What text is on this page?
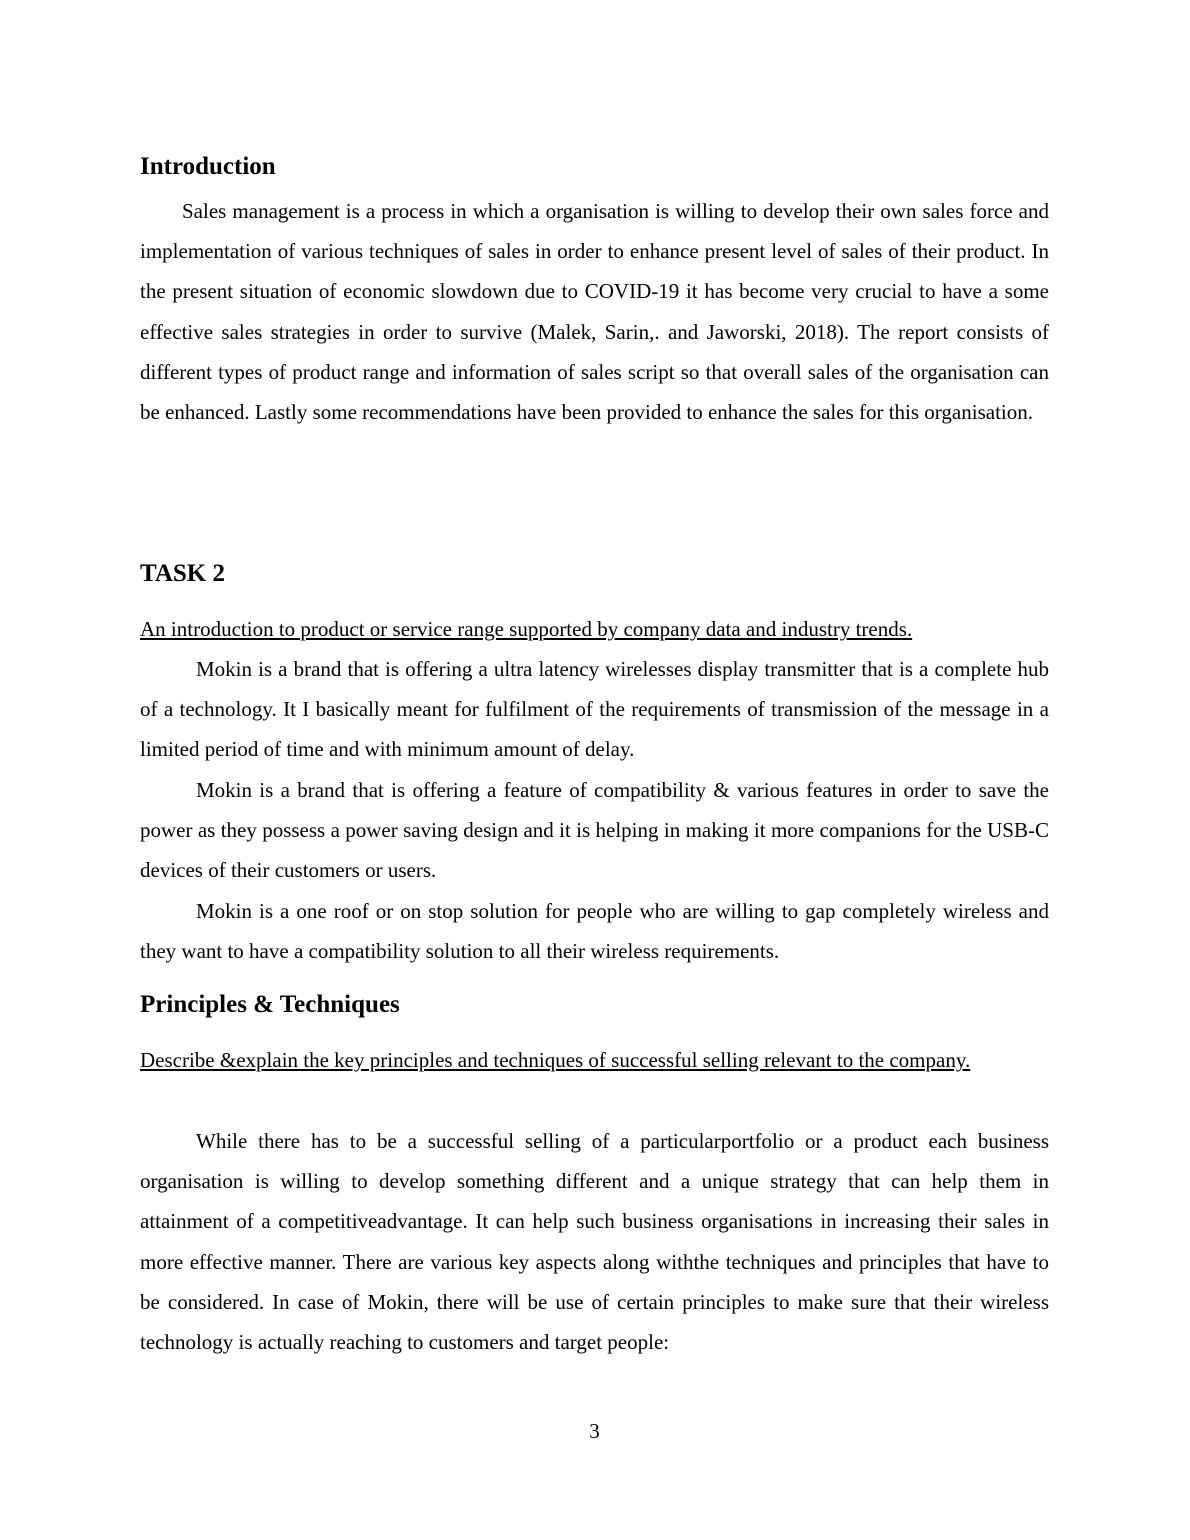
Introduction

Sales management is a process in which a organisation is willing to develop their own sales force and implementation of various techniques of sales in order to enhance present level of sales of their product. In the present situation of economic slowdown due to COVID-19 it has become very crucial to have a some effective sales strategies in order to survive (Malek, Sarin,. and Jaworski, 2018). The report consists of different types of product range and information of sales script so that overall sales of the organisation can be enhanced. Lastly some recommendations have been provided to enhance the sales for this organisation.

TASK 2

An introduction to product or service range supported by company data and industry trends.

Mokin is a brand that is offering a ultra latency wirelesses display transmitter that is a complete hub of a technology. It I basically meant for fulfilment of the requirements of transmission of the message in a limited period of time and with minimum amount of delay.

Mokin is a brand that is offering a feature of compatibility & various features in order to save the power as they possess a power saving design and it is helping in making it more companions for the USB-C devices of their customers or users.

Mokin is a one roof or on stop solution for people who are willing to gap completely wireless and they want to have a compatibility solution to all their wireless requirements.

Principles & Techniques

Describe &explain the key principles and techniques of successful selling relevant to the company.

While there has to be a successful selling of a particularportfolio or a product each business organisation is willing to develop something different and a unique strategy that can help them in attainment of a competitiveadvantage. It can help such business organisations in increasing their sales in more effective manner. There are various key aspects along withthe techniques and principles that have to be considered. In case of Mokin, there will be use of certain principles to make sure that their wireless technology is actually reaching to customers and target people:

3
